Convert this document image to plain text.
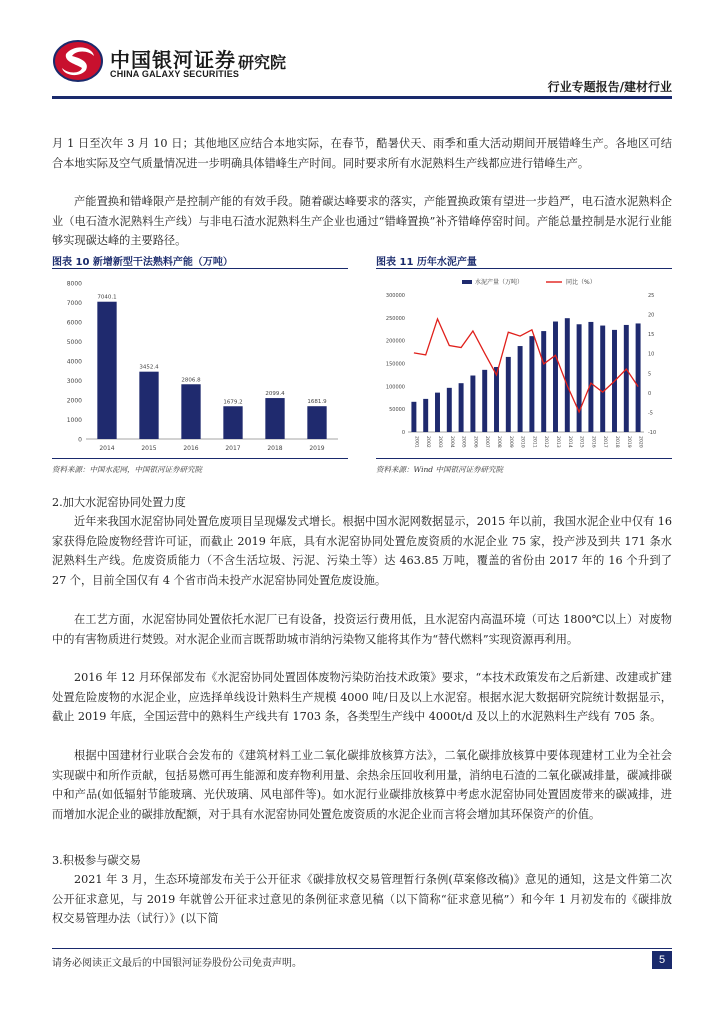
中国银河证券
CHINA GALAXY SECURITIES
研究院
行业专题报告/建材行业
月 1 日至次年 3 月 10 日；其他地区应结合本地实际，在春节，酷暑伏天、雨季和重大活动期间开展错峰生产。各地区可结合本地实际及空气质量情况进一步明确具体错峰生产时间。同时要求所有水泥熟料生产线都应进行错峰生产。
产能置换和错峰限产是控制产能的有效手段。随着碳达峰要求的落实，产能置换政策有望进一步趋严，电石渣水泥熟料企业（电石渣水泥熟料生产线）与非电石渣水泥熟料生产企业也通过“错峰置换”补齐错峰停窑时间。产能总量控制是水泥行业能够实现碳达峰的主要路径。
图表 10 新增新型干法熟料产能（万吨）
0
1000
2000
3000
4000
5000
6000
7000
8000
7040.1
2014
3452.4
2015
2806.8
2016
1679.2
2017
2099.4
2018
1681.9
2019
资料来源：中国水泥网，中国银河证券研究院
图表 11 历年水泥产量
水泥产量（万吨）	同比（%）
0
50000
100000
150000
200000
250000
300000
-10
-5
0
5
10
15
20
25
2001 2002 2003 2004 2005 2006 2007 2008 2009 2010 2011 2012 2013 2014 2015 2016 2017 2018 2019 2020
资料来源：Wind 中国银河证券研究院
2.加大水泥窑协同处置力度
近年来我国水泥窑协同处置危废项目呈现爆发式增长。根据中国水泥网数据显示，2015 年以前，我国水泥企业中仅有 16 家获得危险废物经营许可证，而截止 2019 年底，具有水泥窑协同处置危废资质的水泥企业 75 家，投产涉及到共 171 条水泥熟料生产线。危废资质能力（不含生活垃圾、污泥、污染土等）达 463.85 万吨，覆盖的省份由 2017 年的 16 个升到了 27 个，目前全国仅有 4 个省市尚未投产水泥窑协同处置危废设施。
在工艺方面，水泥窑协同处置依托水泥厂已有设备，投资运行费用低，且水泥窑内高温环境（可达 1800℃以上）对废物中的有害物质进行焚毁。对水泥企业而言既帮助城市消纳污染物又能将其作为“替代燃料”实现资源再利用。
2016 年 12 月环保部发布《水泥窑协同处置固体废物污染防治技术政策》要求，“本技术政策发布之后新建、改建或扩建处置危险废物的水泥企业，应选择单线设计熟料生产规模 4000 吨/日及以上水泥窑。根据水泥大数据研究院统计数据显示，截止 2019 年底，全国运营中的熟料生产线共有 1703 条，各类型生产线中 4000t/d 及以上的水泥熟料生产线有 705 条。
根据中国建材行业联合会发布的《建筑材料工业二氧化碳排放核算方法》，二氧化碳排放核算中要体现建材工业为全社会实现碳中和所作贡献，包括易燃可再生能源和废弃物利用量、余热余压回收利用量，消纳电石渣的二氧化碳减排量，碳减排碳中和产品(如低辐射节能玻璃、光伏玻璃、风电部件等)。如水泥行业碳排放核算中考虑水泥窑协同处置固废带来的碳减排，进而增加水泥企业的碳排放配额，对于具有水泥窑协同处置危废资质的水泥企业而言将会增加其环保资产的价值。
3.积极参与碳交易
2021 年 3 月，生态环境部发布关于公开征求《碳排放权交易管理暂行条例(草案修改稿)》意见的通知，这是文件第二次公开征求意见，与 2019 年就曾公开征求过意见的条例征求意见稿（以下简称“征求意见稿”）和今年 1 月初发布的《碳排放权交易管理办法（试行）》(以下简
请务必阅读正文最后的中国银河证券股份公司免责声明。	5
